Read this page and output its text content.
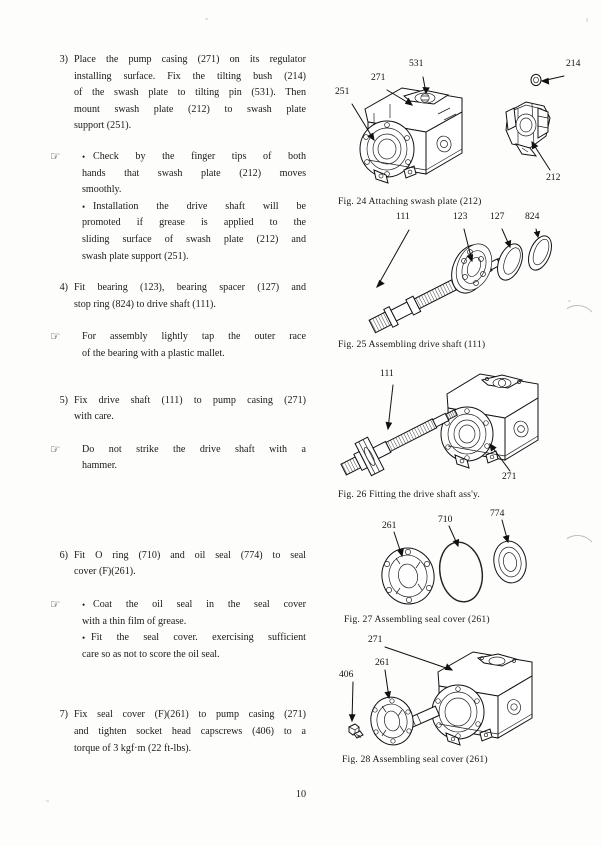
3) Place the pump casing (271) on its regulator
installing surface. Fix the tilting bush (214)
of the swash plate to tilting pin (531). Then
mount swash plate (212) to swash plate
support (251).
☞	• Check by the finger tips of both
hands that swash plate (212) moves
smoothly.
• Installation the drive shaft will be
promoted if grease is applied to the
sliding surface of swash plate (212) and
swash plate support (251).
4) Fit bearing (123), bearing spacer (127) and
stop ring (824) to drive shaft (111).
☞ For assembly lightly tap the outer race
of the bearing with a plastic mallet.
5) Fix drive shaft (111) to pump casing (271)
with care.
☞ Do not strike the drive shaft with a
hammer.
6) Fit O ring (710) and oil seal (774) to seal
cover (F)(261).
☞	• Coat the oil seal in the seal cover
with a thin film of grease.
• Fit the seal cover. exercising sufficient
care so as not to score the oil seal.
7) Fix seal cover (F)(261) to pump casing (271)
and tighten socket head capscrews (406) to a
torque of 3 kgf·m (22 ft-lbs).
531
271
251
214
212
Fig. 24 Attaching swash plate (212)
111	123 127 824
Fig. 25 Assembling drive shaft (111)
111
271
Fig. 26 Fitting the drive shaft ass'y.
261
710
774
Fig. 27 Assembling seal cover (261)
271
261
406
Fig. 28 Assembling seal cover (261)
10
